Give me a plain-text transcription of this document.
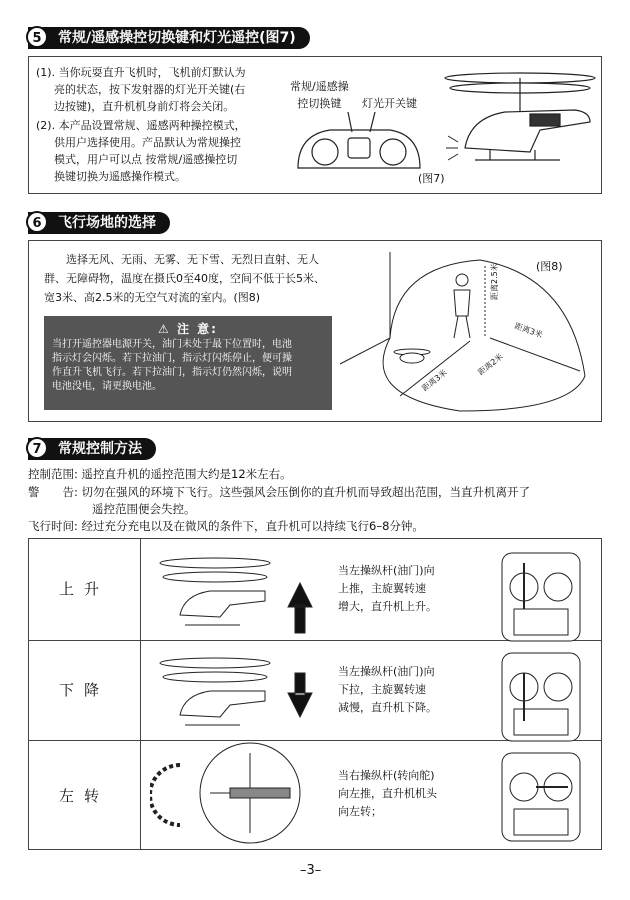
5	常规/遥感操控切换键和灯光遥控(图7)
(1). 当你玩耍直升飞机时，飞机前灯默认为
亮的状态，按下发射器的灯光开关键(右
边按键)，直升机机身前灯将会关闭。
(2). 本产品设置常规、遥感两种操控模式，
供用户选择使用。产品默认为常规操控
模式，用户可以点 按常规/遥感操控切
换键切换为遥感操作模式。
常规/遥感操
控切换键	灯光开关键
(图7)
6	飞行场地的选择
选择无风、无雨、无雾、无下雪、无烈日直射、无人
群、无障碍物，温度在摄氏0至40度，空间不低于长5米、
宽3米、高2.5米的无空气对流的室内。(图8)
⚠ 注 意:
当打开遥控器电源开关，油门未处于最下位置时，电池
指示灯会闪烁。若下拉油门，指示灯闪烁停止，便可操
作直升飞机飞行。若下拉油门，指示灯仍然闪烁，说明
电池没电，请更换电池。
(图8)
距离2.5米
距离3米
距离3米
距离2米
7	常规控制方法
控制范围: 遥控直升机的遥控范围大约是12米左右。
警　　告: 切勿在强风的环境下飞行。这些强风会压倒你的直升机而导致超出范围，当直升机离开了
遥控范围便会失控。
飞行时间: 经过充分充电以及在微风的条件下，直升机可以持续飞行6–8分钟。
上升
当左操纵杆(油门)向
上推，主旋翼转速
增大，直升机上升。
下降
当左操纵杆(油门)向
下拉，主旋翼转速
减慢，直升机下降。
左转
当右操纵杆(转向舵)
向左推，直升机机头
向左转；
–3–
